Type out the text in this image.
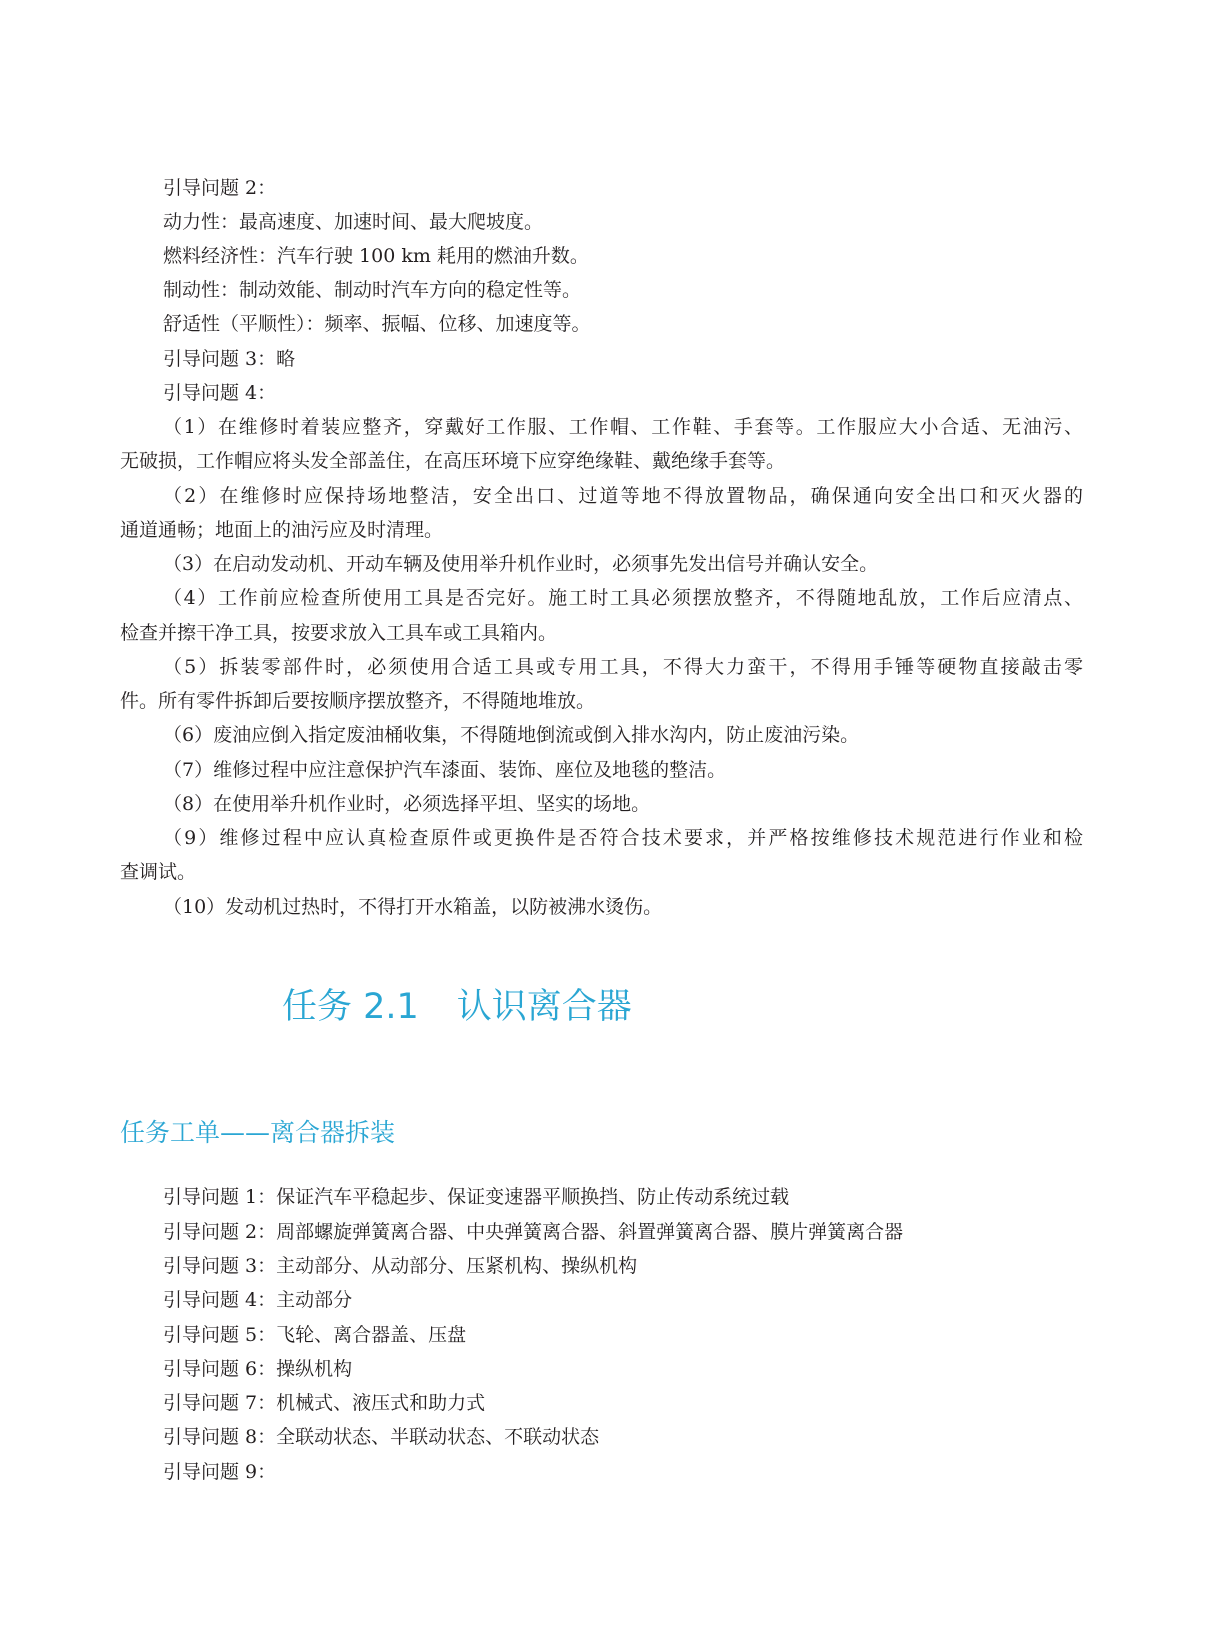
引导问题 2：
动力性：最高速度、加速时间、最大爬坡度。
燃料经济性：汽车行驶 100 km 耗用的燃油升数。
制动性：制动效能、制动时汽车方向的稳定性等。
舒适性（平顺性）：频率、振幅、位移、加速度等。
引导问题 3：略
引导问题 4：
（1）在维修时着装应整齐，穿戴好工作服、工作帽、工作鞋、手套等。工作服应大小合适、无油污、
无破损，工作帽应将头发全部盖住，在高压环境下应穿绝缘鞋、戴绝缘手套等。
（2）在维修时应保持场地整洁，安全出口、过道等地不得放置物品，确保通向安全出口和灭火器的
通道通畅；地面上的油污应及时清理。
（3）在启动发动机、开动车辆及使用举升机作业时，必须事先发出信号并确认安全。
（4）工作前应检查所使用工具是否完好。施工时工具必须摆放整齐，不得随地乱放，工作后应清点、
检查并擦干净工具，按要求放入工具车或工具箱内。
（5）拆装零部件时，必须使用合适工具或专用工具，不得大力蛮干，不得用手锤等硬物直接敲击零
件。所有零件拆卸后要按顺序摆放整齐，不得随地堆放。
（6）废油应倒入指定废油桶收集，不得随地倒流或倒入排水沟内，防止废油污染。
（7）维修过程中应注意保护汽车漆面、装饰、座位及地毯的整洁。
（8）在使用举升机作业时，必须选择平坦、坚实的场地。
（9）维修过程中应认真检查原件或更换件是否符合技术要求，并严格按维修技术规范进行作业和检
查调试。
（10）发动机过热时，不得打开水箱盖，以防被沸水烫伤。
任务 2.1 认识离合器
任务工单——离合器拆装
引导问题 1：保证汽车平稳起步、保证变速器平顺换挡、防止传动系统过载
引导问题 2：周部螺旋弹簧离合器、中央弹簧离合器、斜置弹簧离合器、膜片弹簧离合器
引导问题 3：主动部分、从动部分、压紧机构、操纵机构
引导问题 4：主动部分
引导问题 5：飞轮、离合器盖、压盘
引导问题 6：操纵机构
引导问题 7：机械式、液压式和助力式
引导问题 8：全联动状态、半联动状态、不联动状态
引导问题 9：
